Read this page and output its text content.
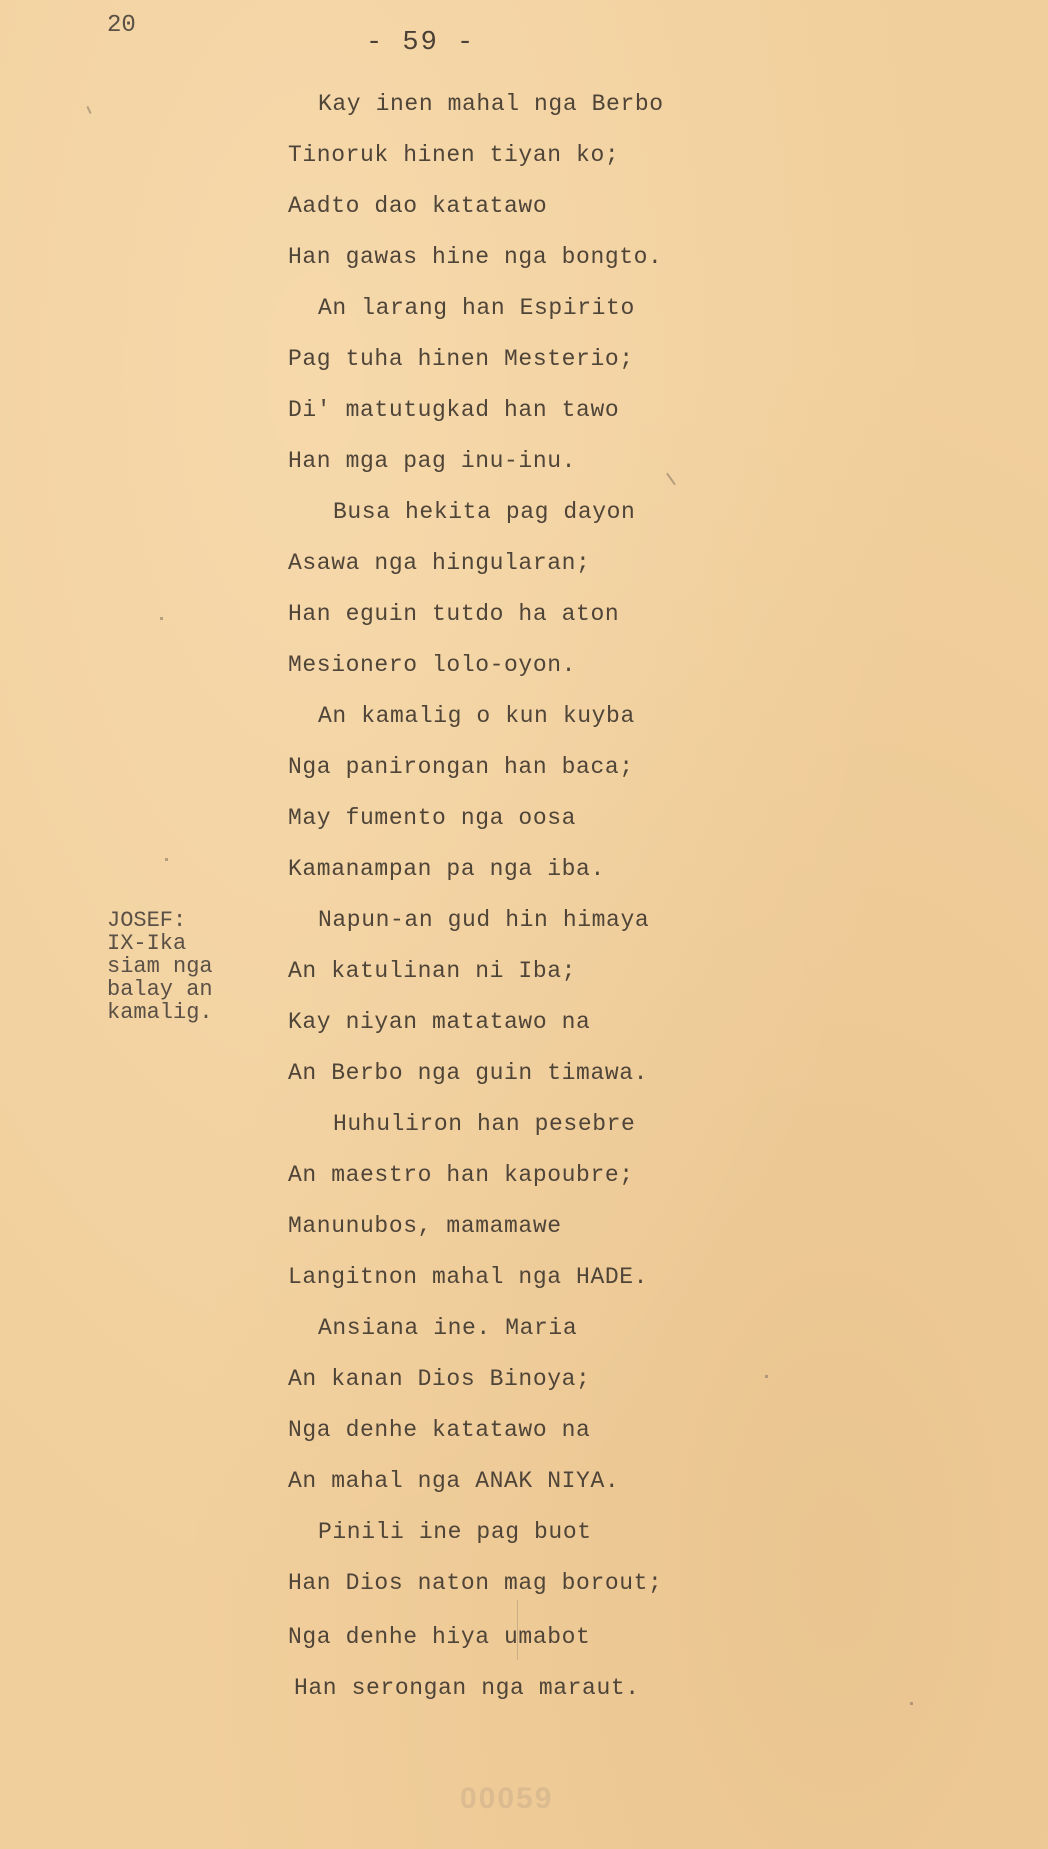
20
- 59 -
JOSEF:
IX-Ika
siam nga
balay an
kamalig.
Kay inen mahal nga Berbo
Tinoruk hinen tiyan ko;
Aadto dao katatawo
Han gawas hine nga bongto.
An larang han Espirito
Pag tuha hinen Mesterio;
Di' matutugkad han tawo
Han mga pag inu-inu.
Busa hekita pag dayon
Asawa nga hingularan;
Han eguin tutdo ha aton
Mesionero lolo-oyon.
An kamalig o kun kuyba
Nga panirongan han baca;
May fumento nga oosa
Kamanampan pa nga iba.
Napun-an gud hin himaya
An katulinan ni Iba;
Kay niyan matatawo na
An Berbo nga guin timawa.
Huhuliron han pesebre
An maestro han kapoubre;
Manunubos, mamamawe
Langitnon mahal nga HADE.
Ansiana ine. Maria
An kanan Dios Binoya;
Nga denhe katatawo na
An mahal nga ANAK NIYA.
Pinili ine pag buot
Han Dios naton mag borout;
Nga denhe hiya umabot
Han serongan nga maraut.
00059
